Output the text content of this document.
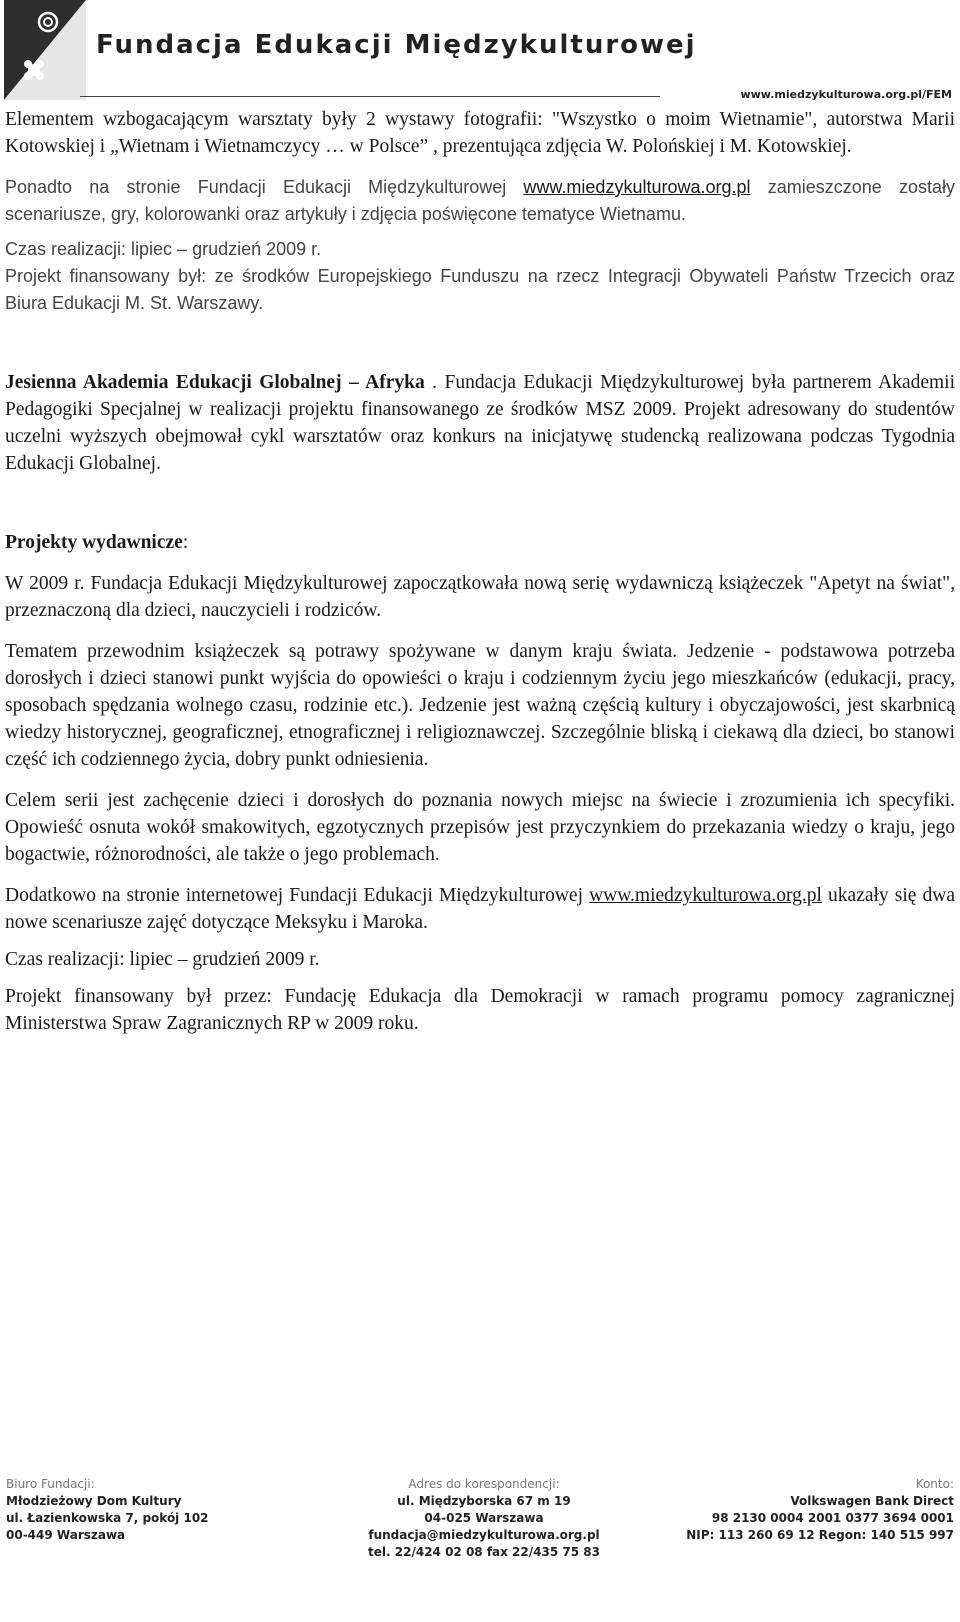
Fundacja Edukacji Międzykulturowej
www.miedzykulturowa.org.pl/FEM

Elementem wzbogacającym warsztaty były 2 wystawy fotografii: "Wszystko o moim Wietnamie", autorstwa Marii Kotowskiej i „Wietnam i Wietnamczycy … w Polsce” , prezentująca zdjęcia W. Polońskiej i M. Kotowskiej.

Ponadto na stronie Fundacji Edukacji Międzykulturowej www.miedzykulturowa.org.pl zamieszczone zostały scenariusze, gry, kolorowanki oraz artykuły i zdjęcia poświęcone tematyce Wietnamu.

Czas realizacji: lipiec – grudzień 2009 r.

Projekt finansowany był: ze środków Europejskiego Funduszu na rzecz Integracji Obywateli Państw Trzecich oraz Biura Edukacji M. St. Warszawy.

Jesienna Akademia Edukacji Globalnej – Afryka . Fundacja Edukacji Międzykulturowej była partnerem Akademii Pedagogiki Specjalnej w realizacji projektu finansowanego ze środków MSZ 2009. Projekt adresowany do studentów uczelni wyższych obejmował cykl warsztatów oraz konkurs na inicjatywę studencką realizowana podczas Tygodnia Edukacji Globalnej.

Projekty wydawnicze:

W 2009 r. Fundacja Edukacji Międzykulturowej zapoczątkowała nową serię wydawniczą książeczek "Apetyt na świat", przeznaczoną dla dzieci, nauczycieli i rodziców.

Tematem przewodnim książeczek są potrawy spożywane w danym kraju świata. Jedzenie - podstawowa potrzeba dorosłych i dzieci stanowi punkt wyjścia do opowieści o kraju i codziennym życiu jego mieszkańców (edukacji, pracy, sposobach spędzania wolnego czasu, rodzinie etc.). Jedzenie jest ważną częścią kultury i obyczajowości, jest skarbnicą wiedzy historycznej, geograficznej, etnograficznej i religioznawczej. Szczególnie bliską i ciekawą dla dzieci, bo stanowi część ich codziennego życia, dobry punkt odniesienia.

Celem serii jest zachęcenie dzieci i dorosłych do poznania nowych miejsc na świecie i zrozumienia ich specyfiki. Opowieść osnuta wokół smakowitych, egzotycznych przepisów jest przyczynkiem do przekazania wiedzy o kraju, jego bogactwie, różnorodności, ale także o jego problemach.

Dodatkowo na stronie internetowej Fundacji Edukacji Międzykulturowej www.miedzykulturowa.org.pl ukazały się dwa nowe scenariusze zajęć dotyczące Meksyku i Maroka.

Czas realizacji: lipiec – grudzień 2009 r.

Projekt finansowany był przez: Fundację Edukacja dla Demokracji w ramach programu pomocy zagranicznej Ministerstwa Spraw Zagranicznych RP w 2009 roku.

Biuro Fundacji:
Młodzieżowy Dom Kultury
ul. Łazienkowska 7, pokój 102
00-449 Warszawa
Adres do korespondencji:
ul. Międzyborska 67 m 19
04-025 Warszawa
fundacja@miedzykulturowa.org.pl
tel. 22/424 02 08 fax 22/435 75 83
Konto:
Volkswagen Bank Direct
98 2130 0004 2001 0377 3694 0001
NIP: 113 260 69 12 Regon: 140 515 997
